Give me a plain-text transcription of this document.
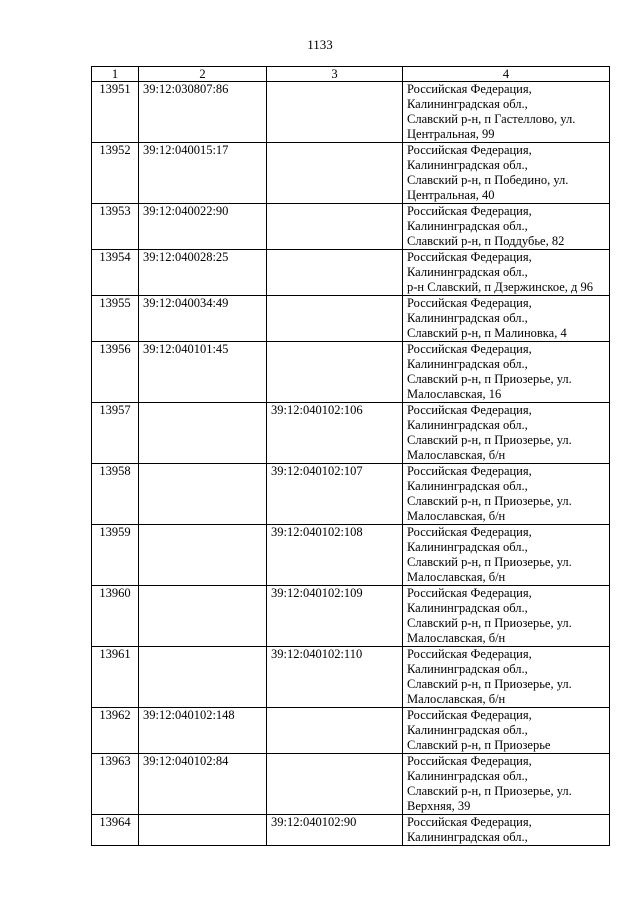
1133
1	2	3	4
13951	39:12:030807:86		Российская Федерация,
Калининградская обл.,
Славский р-н, п Гастеллово, ул.
Центральная, 99
13952	39:12:040015:17		Российская Федерация,
Калининградская обл.,
Славский р-н, п Победино, ул.
Центральная, 40
13953	39:12:040022:90		Российская Федерация,
Калининградская обл.,
Славский р-н, п Поддубье, 82
13954	39:12:040028:25		Российская Федерация,
Калининградская обл.,
р-н Славский, п Дзержинское, д 96
13955	39:12:040034:49		Российская Федерация,
Калининградская обл.,
Славский р-н, п Малиновка, 4
13956	39:12:040101:45		Российская Федерация,
Калининградская обл.,
Славский р-н, п Приозерье, ул.
Малославская, 16
13957		39:12:040102:106	Российская Федерация,
Калининградская обл.,
Славский р-н, п Приозерье, ул.
Малославская, б/н
13958		39:12:040102:107	Российская Федерация,
Калининградская обл.,
Славский р-н, п Приозерье, ул.
Малославская, б/н
13959		39:12:040102:108	Российская Федерация,
Калининградская обл.,
Славский р-н, п Приозерье, ул.
Малославская, б/н
13960		39:12:040102:109	Российская Федерация,
Калининградская обл.,
Славский р-н, п Приозерье, ул.
Малославская, б/н
13961		39:12:040102:110	Российская Федерация,
Калининградская обл.,
Славский р-н, п Приозерье, ул.
Малославская, б/н
13962	39:12:040102:148		Российская Федерация,
Калининградская обл.,
Славский р-н, п Приозерье
13963	39:12:040102:84		Российская Федерация,
Калининградская обл.,
Славский р-н, п Приозерье, ул.
Верхняя, 39
13964		39:12:040102:90	Российская Федерация,
Калининградская обл.,
